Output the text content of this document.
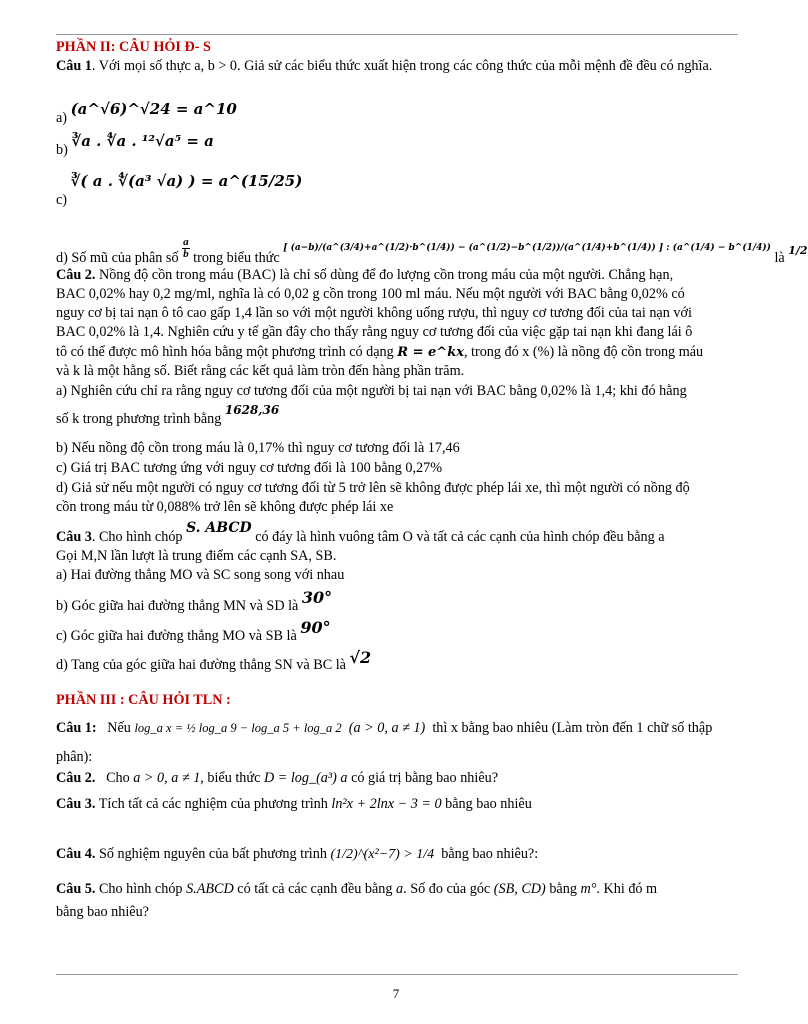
PHẦN II: CÂU HỎI Đ- S
Câu 1. Với mọi số thực a, b > 0. Giả sử các biểu thức xuất hiện trong các công thức của mỗi mệnh đề đều có nghĩa.
a) (a^√6)^√24 = a^10
b) ∛a . ∜a . ¹²√a⁵ = a
c) ∛( a . ∜(a³ √a) ) = a^(15/25)
d) Số mũ của phân số $\frac{a}{b}$ trong biểu thức $_{[ (a-b)/(a\^{}(3/4)+a\^{}(1/2)\cdot b\^{}(1/4)) - (a\^{}(1/2)-b\^{}(1/2))/(a\^{}(1/4)+b\^{}(1/4)) ] : (a\^{}(1/4) - b\^{}(1/4))}$ là $_{1/2}$
Câu 2. Nồng độ cồn trong máu (BAC) là chỉ số dùng để đo lượng cồn trong máu của một người. Chẳng hạn,
BAC 0,02% hay 0,2 mg/ml, nghĩa là có 0,02 g cồn trong 100 ml máu. Nếu một người với BAC bằng 0,02% có
nguy cơ bị tai nạn ô tô cao gấp 1,4 lần so với một người không uống rượu, thì nguy cơ tương đối của tai nạn với
BAC 0,02% là 1,4. Nghiên cứu y tế gần đây cho thấy rằng nguy cơ tương đối của việc gặp tai nạn khi đang lái ô
tô có thể được mô hình hóa bằng một phương trình có dạng R = e^kx, trong đó x (%) là nồng độ cồn trong máu
và k là một hằng số. Biết rằng các kết quả làm tròn đến hàng phần trăm.
a) Nghiên cứu chỉ ra rằng nguy cơ tương đối của một người bị tai nạn với BAC bằng 0,02% là 1,4; khi đó hằng
số k trong phương trình bằng 1628,36
b) Nếu nồng độ cồn trong máu là 0,17% thì nguy cơ tương đối là 17,46
c) Giá trị BAC tương ứng với nguy cơ tương đối là 100 bằng 0,27%
d) Giả sử nếu một người có nguy cơ tương đối từ 5 trở lên sẽ không được phép lái xe, thì một người có nồng độ
cồn trong máu từ 0,088% trở lên sẽ không được phép lái xe
Câu 3. Cho hình chóp S. ABCD có đáy là hình vuông tâm O và tất cả các cạnh của hình chóp đều bằng a
Gọi M,N lần lượt là trung điểm các cạnh SA, SB.
a) Hai đường thẳng MO và SC song song với nhau
b) Góc giữa hai đường thẳng MN và SD là 30°
c) Góc giữa hai đường thẳng MO và SB là 90°
d) Tang của góc giữa hai đường thẳng SN và BC là √2
PHẦN III : CÂU HỎI TLN :
Câu 1: Nếu log_a x = ½ log_a 9 − log_a 5 + log_a 2 (a > 0, a ≠ 1) thì x bằng bao nhiêu (Làm tròn đến 1 chữ số thập
phân):
Câu 2. Cho a > 0, a ≠ 1, biểu thức D = log_(a³) a có giá trị bằng bao nhiêu?
Câu 3. Tích tất cả các nghiệm của phương trình ln²x + 2lnx − 3 = 0 bằng bao nhiêu
Câu 4. Số nghiệm nguyên của bất phương trình (1/2)^(x²−7) > 1/4 bằng bao nhiêu?:
Câu 5. Cho hình chóp S.ABCD có tất cả các cạnh đều bằng a. Số đo của góc (SB, CD) bằng m°. Khi đó m
bằng bao nhiêu?
7
